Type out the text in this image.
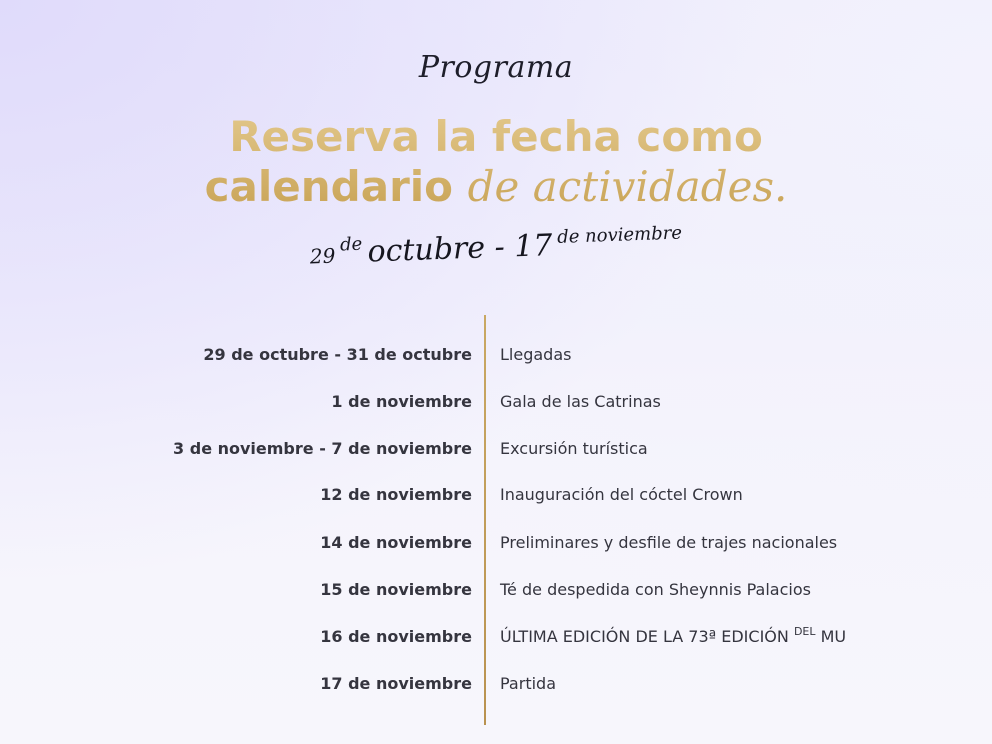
Programa
Reserva la fecha como
calendario de actividades.
29 de octubre - 17 de noviembre
29 de octubre - 31 de octubre Llegadas
1 de noviembre Gala de las Catrinas
3 de noviembre - 7 de noviembre Excursión turística
12 de noviembre Inauguración del cóctel Crown
14 de noviembre Preliminares y desfile de trajes nacionales
15 de noviembre Té de despedida con Sheynnis Palacios
16 de noviembre ÚLTIMA EDICIÓN DE LA 73ª EDICIÓN $^{DEL}$ MU
17 de noviembre Partida
